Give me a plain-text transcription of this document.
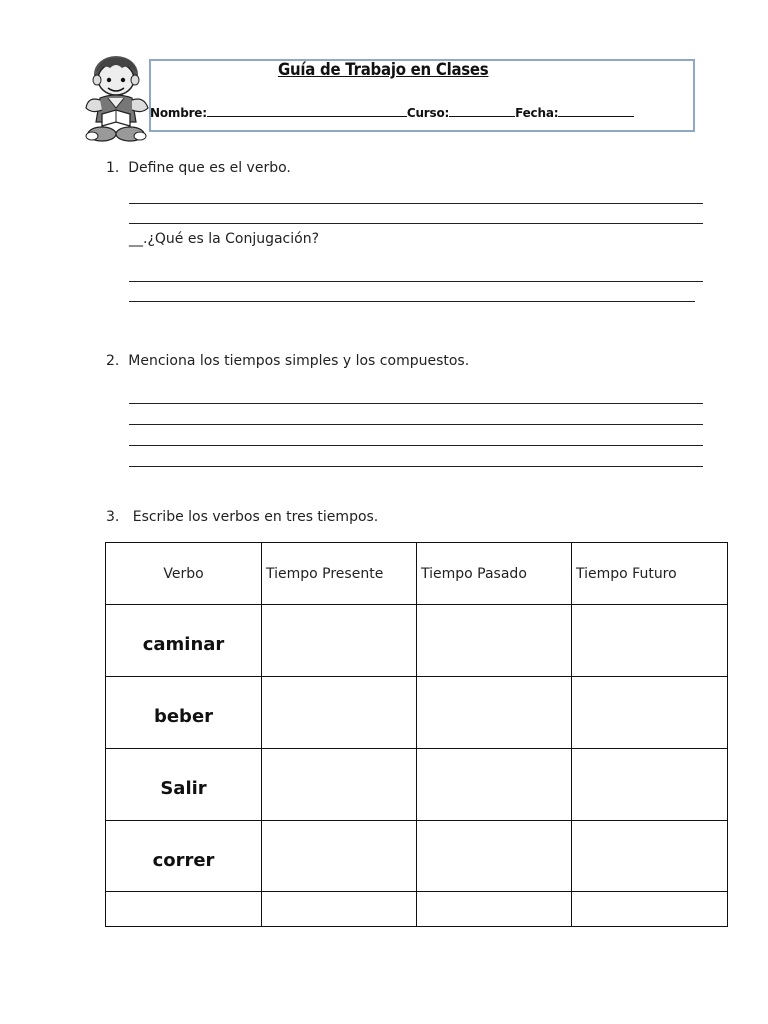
Guía de Trabajo en Clases
Nombre:	Curso:	Fecha:
1. Define que es el verbo.
__.¿Qué es la Conjugación?
2. Menciona los tiempos simples y los compuestos.
3. Escribe los verbos en tres tiempos.
Verbo	Tiempo Presente	Tiempo Pasado	Tiempo Futuro
caminar			
beber			
Salir			
correr			
